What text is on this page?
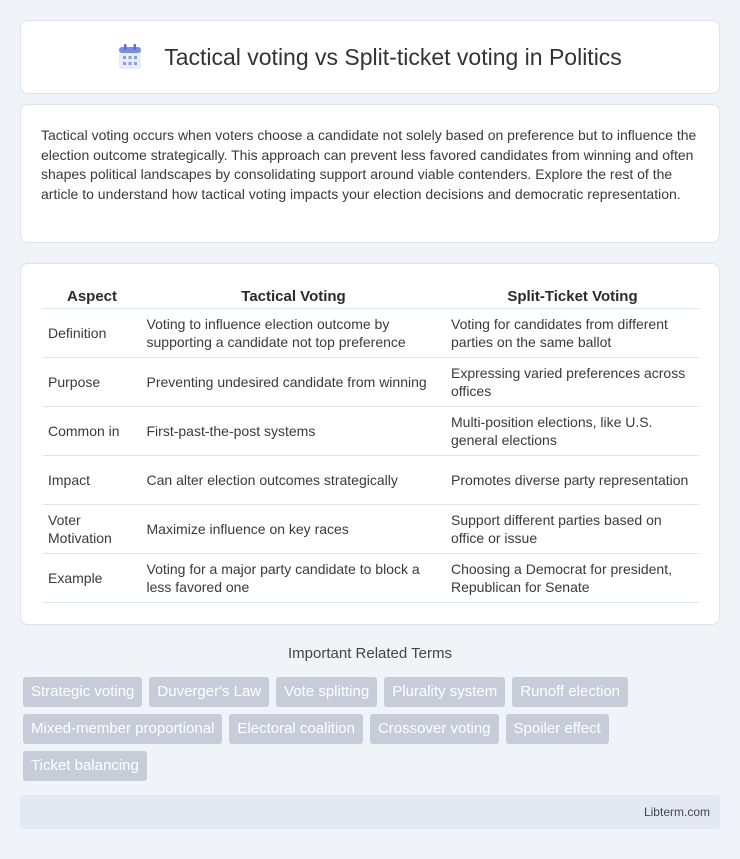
Tactical voting vs Split-ticket voting in Politics

Tactical voting occurs when voters choose a candidate not solely based on preference but to influence the election outcome strategically. This approach can prevent less favored candidates from winning and often shapes political landscapes by consolidating support around viable contenders. Explore the rest of the article to understand how tactical voting impacts your election decisions and democratic representation.

Aspect	Tactical Voting	Split-Ticket Voting
Definition	Voting to influence election outcome by supporting a candidate not top preference	Voting for candidates from different parties on the same ballot
Purpose	Preventing undesired candidate from winning	Expressing varied preferences across offices
Common in	First-past-the-post systems	Multi-position elections, like U.S. general elections
Impact	Can alter election outcomes strategically	Promotes diverse party representation
Voter Motivation	Maximize influence on key races	Support different parties based on office or issue
Example	Voting for a major party candidate to block a less favored one	Choosing a Democrat for president, Republican for Senate
Important Related Terms
Strategic voting	Duverger's Law	Vote splitting	Plurality system	Runoff election
Mixed-member proportional	Electoral coalition	Crossover voting	Spoiler effect
Ticket balancing
Libterm.com
